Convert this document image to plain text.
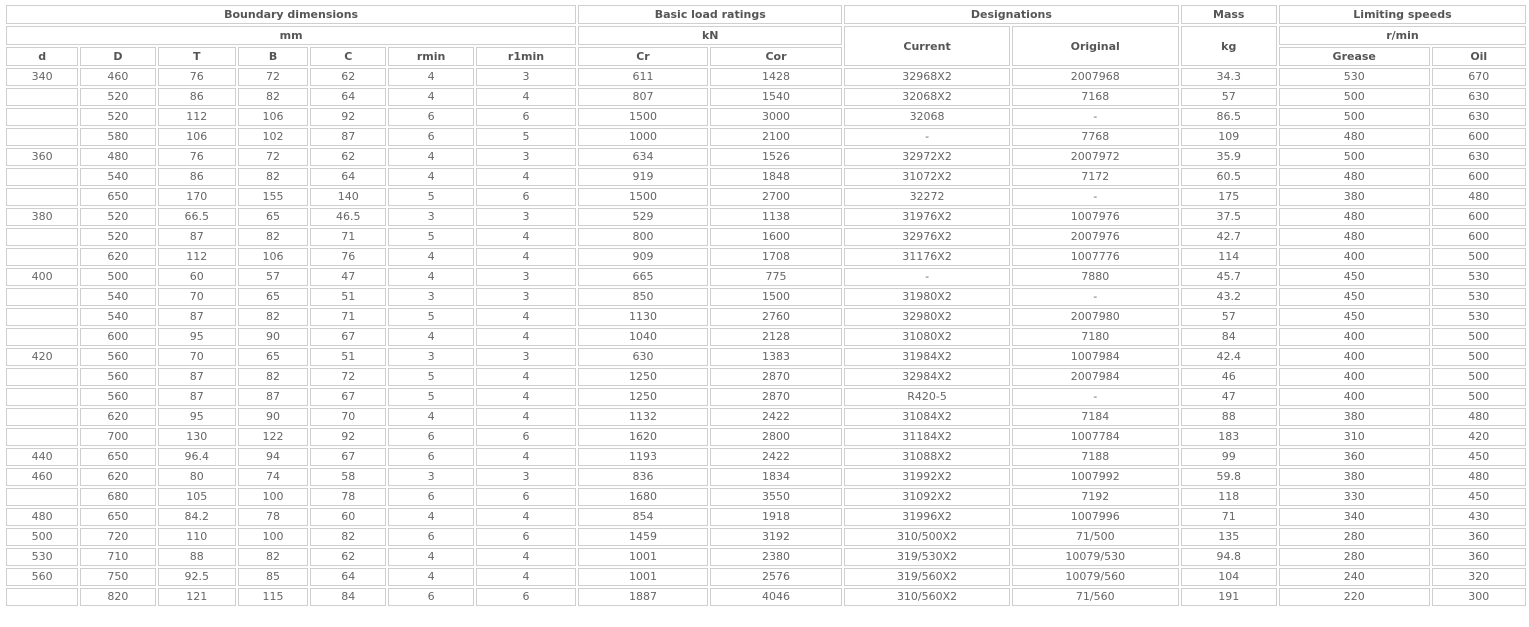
Boundary dimensions							Basic load ratings		Designations		Mass	Limiting speeds	
mm							kN		Current	Original	kg	r/min	
d	D	T	B	C	rmin	r1min	Cr	Cor				Grease	Oil
340	460	76	72	62	4	3	611	1428	32968X2	2007968	34.3	530	670
	520	86	82	64	4	4	807	1540	32068X2	7168	57	500	630
	520	112	106	92	6	6	1500	3000	32068	-	86.5	500	630
	580	106	102	87	6	5	1000	2100	-	7768	109	480	600
360	480	76	72	62	4	3	634	1526	32972X2	2007972	35.9	500	630
	540	86	82	64	4	4	919	1848	31072X2	7172	60.5	480	600
	650	170	155	140	5	6	1500	2700	32272	-	175	380	480
380	520	66.5	65	46.5	3	3	529	1138	31976X2	1007976	37.5	480	600
	520	87	82	71	5	4	800	1600	32976X2	2007976	42.7	480	600
	620	112	106	76	4	4	909	1708	31176X2	1007776	114	400	500
400	500	60	57	47	4	3	665	775	-	7880	45.7	450	530
	540	70	65	51	3	3	850	1500	31980X2	-	43.2	450	530
	540	87	82	71	5	4	1130	2760	32980X2	2007980	57	450	530
	600	95	90	67	4	4	1040	2128	31080X2	7180	84	400	500
420	560	70	65	51	3	3	630	1383	31984X2	1007984	42.4	400	500
	560	87	82	72	5	4	1250	2870	32984X2	2007984	46	400	500
	560	87	87	67	5	4	1250	2870	R420-5	-	47	400	500
	620	95	90	70	4	4	1132	2422	31084X2	7184	88	380	480
	700	130	122	92	6	6	1620	2800	31184X2	1007784	183	310	420
440	650	96.4	94	67	6	4	1193	2422	31088X2	7188	99	360	450
460	620	80	74	58	3	3	836	1834	31992X2	1007992	59.8	380	480
	680	105	100	78	6	6	1680	3550	31092X2	7192	118	330	450
480	650	84.2	78	60	4	4	854	1918	31996X2	1007996	71	340	430
500	720	110	100	82	6	6	1459	3192	310/500X2	71/500	135	280	360
530	710	88	82	62	4	4	1001	2380	319/530X2	10079/530	94.8	280	360
560	750	92.5	85	64	4	4	1001	2576	319/560X2	10079/560	104	240	320
	820	121	115	84	6	6	1887	4046	310/560X2	71/560	191	220	300
